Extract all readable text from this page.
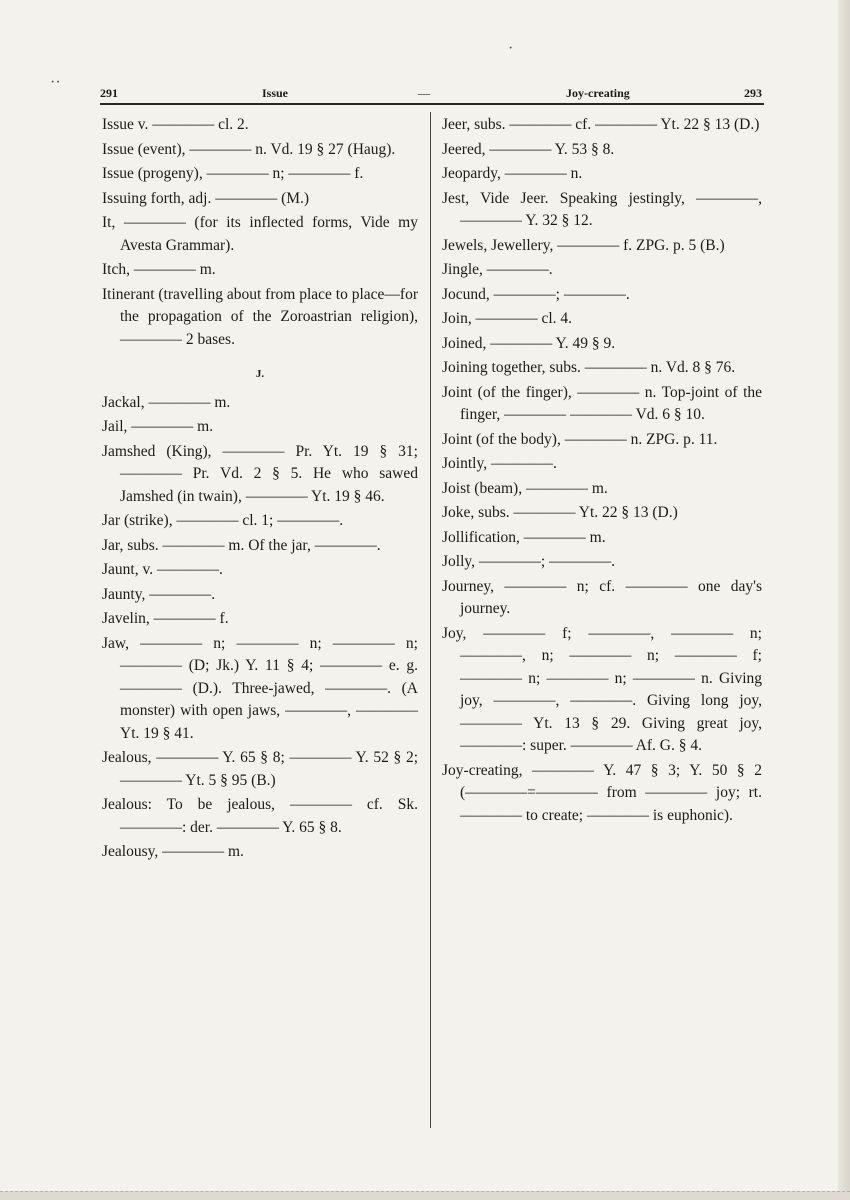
··
·
291	Issue	—	Joy-creating	293

Issue v. ———— cl. 2.

Issue (event), ———— n. Vd. 19 § 27 (Haug).

Issue (progeny), ———— n; ———— f.

Issuing forth, adj. ———— (M.)

It, ———— (for its inflected forms, Vide my Avesta Grammar).

Itch, ———— m.

Itinerant (travelling about from place to place—for the propagation of the Zoroastrian religion), ———— 2 bases.

J.

Jackal, ———— m.

Jail, ———— m.

Jamshed (King), ———— Pr. Yt. 19 § 31; ———— Pr. Vd. 2 § 5. He who sawed Jamshed (in twain), ———— Yt. 19 § 46.

Jar (strike), ———— cl. 1; ————.

Jar, subs. ———— m. Of the jar, ————.

Jaunt, v. ————.

Jaunty, ————.

Javelin, ———— f.

Jaw, ———— n; ———— n; ———— n; ———— (D; Jk.) Y. 11 § 4; ———— e. g. ———— (D.). Three-jawed, ————. (A monster) with open jaws, ————, ———— Yt. 19 § 41.

Jealous, ———— Y. 65 § 8; ———— Y. 52 § 2; ———— Yt. 5 § 95 (B.)

Jealous: To be jealous, ———— cf. Sk. ————: der. ———— Y. 65 § 8.

Jealousy, ———— m.

Jeer, subs. ———— cf. ———— Yt. 22 § 13 (D.)

Jeered, ———— Y. 53 § 8.

Jeopardy, ———— n.

Jest, Vide Jeer. Speaking jestingly, ————, ———— Y. 32 § 12.

Jewels, Jewellery, ———— f. ZPG. p. 5 (B.)

Jingle, ————.

Jocund, ————; ————.

Join, ———— cl. 4.

Joined, ———— Y. 49 § 9.

Joining together, subs. ———— n. Vd. 8 § 76.

Joint (of the finger), ———— n. Top-joint of the finger, ———— ———— Vd. 6 § 10.

Joint (of the body), ———— n. ZPG. p. 11.

Jointly, ————.

Joist (beam), ———— m.

Joke, subs. ———— Yt. 22 § 13 (D.)

Jollification, ———— m.

Jolly, ————; ————.

Journey, ———— n; cf. ———— one day's journey.

Joy, ———— f; ————, ———— n; ————, n; ———— n; ———— f; ———— n; ———— n; ———— n. Giving joy, ————, ————. Giving long joy, ———— Yt. 13 § 29. Giving great joy, ————: super. ———— Af. G. § 4.

Joy-creating, ———— Y. 47 § 3; Y. 50 § 2 (————=———— from ———— joy; rt. ———— to create; ———— is euphonic).
